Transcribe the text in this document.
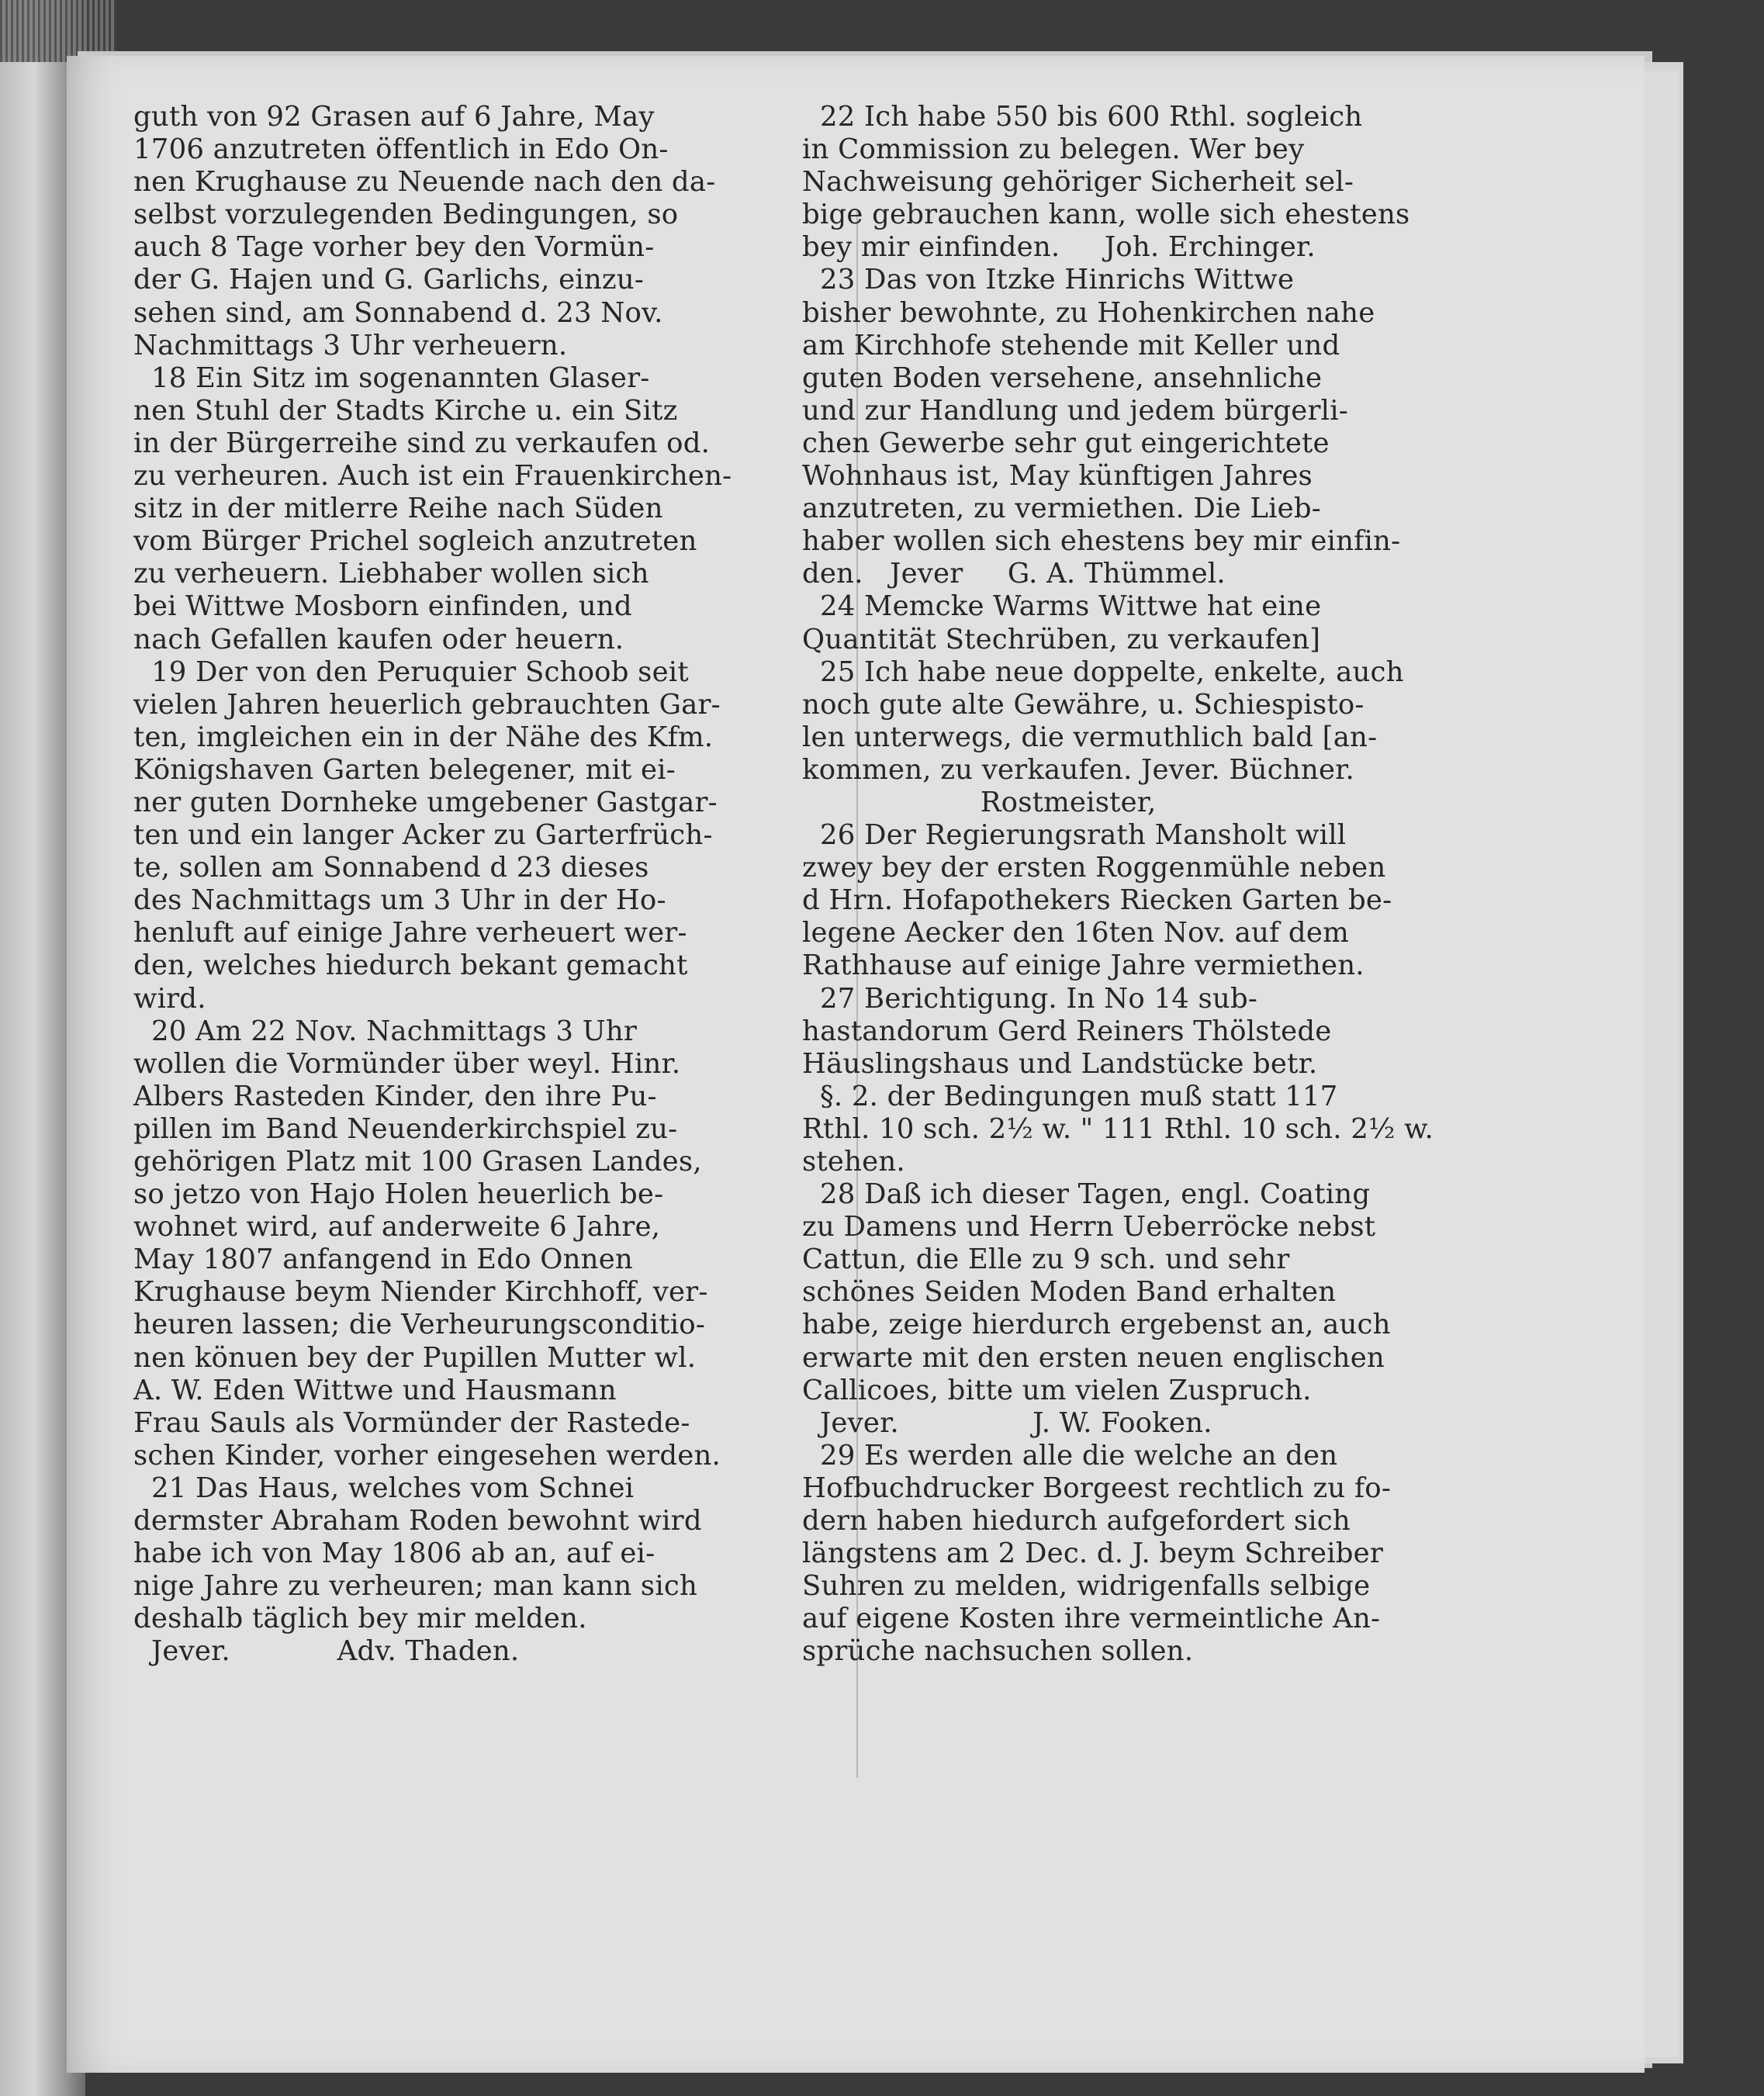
guth von 92 Grasen auf 6 Jahre, May
1706 anzutreten öffentlich in Edo On-
nen Krughause zu Neuende nach den da-
selbst vorzulegenden Bedingungen, so
auch 8 Tage vorher bey den Vormün-
der G. Hajen und G. Garlichs, einzu-
sehen sind, am Sonnabend d. 23 Nov.
Nachmittags 3 Uhr verheuern.
18 Ein Sitz im sogenannten Glaser-
nen Stuhl der Stadts Kirche u. ein Sitz
in der Bürgerreihe sind zu verkaufen od.
zu verheuren. Auch ist ein Frauenkirchen-
sitz in der mitlerre Reihe nach Süden
vom Bürger Prichel sogleich anzutreten
zu verheuern. Liebhaber wollen sich
bei Wittwe Mosborn einfinden, und
nach Gefallen kaufen oder heuern.
19 Der von den Peruquier Schoob seit
vielen Jahren heuerlich gebrauchten Gar-
ten, imgleichen ein in der Nähe des Kfm.
Königshaven Garten belegener, mit ei-
ner guten Dornheke umgebener Gastgar-
ten und ein langer Acker zu Garterfrüch-
te, sollen am Sonnabend d 23 dieses
des Nachmittags um 3 Uhr in der Ho-
henluft auf einige Jahre verheuert wer-
den, welches hiedurch bekant gemacht
wird.
20 Am 22 Nov. Nachmittags 3 Uhr
wollen die Vormünder über weyl. Hinr.
Albers Rasteden Kinder, den ihre Pu-
pillen im Band Neuenderkirchspiel zu-
gehörigen Platz mit 100 Grasen Landes,
so jetzo von Hajo Holen heuerlich be-
wohnet wird, auf anderweite 6 Jahre,
May 1807 anfangend in Edo Onnen
Krughause beym Niender Kirchhoff, ver-
heuren lassen; die Verheurungsconditio-
nen könuen bey der Pupillen Mutter wl.
A. W. Eden Wittwe und Hausmann
Frau Sauls als Vormünder der Rastede-
schen Kinder, vorher eingesehen werden.
21 Das Haus, welches vom Schnei
dermster Abraham Roden bewohnt wird
habe ich von May 1806 ab an, auf ei-
nige Jahre zu verheuren; man kann sich
deshalb täglich bey mir melden.
Jever.            Adv. Thaden.
22 Ich habe 550 bis 600 Rthl. sogleich
in Commission zu belegen. Wer bey
Nachweisung gehöriger Sicherheit sel-
bige gebrauchen kann, wolle sich ehestens
bey mir einfinden.     Joh. Erchinger.
23 Das von Itzke Hinrichs Wittwe
bisher bewohnte, zu Hohenkirchen nahe
am Kirchhofe stehende mit Keller und
guten Boden versehene, ansehnliche
und zur Handlung und jedem bürgerli-
chen Gewerbe sehr gut eingerichtete
Wohnhaus ist, May künftigen Jahres
anzutreten, zu vermiethen. Die Lieb-
haber wollen sich ehestens bey mir einfin-
den.   Jever     G. A. Thümmel.
24 Memcke Warms Wittwe hat eine
Quantität Stechrüben, zu verkaufen]
25 Ich habe neue doppelte, enkelte, auch
noch gute alte Gewähre, u. Schiespisto-
len unterwegs, die vermuthlich bald [an-
kommen, zu verkaufen. Jever. Büchner.
Rostmeister,
26 Der Regierungsrath Mansholt will
zwey bey der ersten Roggenmühle neben
d Hrn. Hofapothekers Riecken Garten be-
legene Aecker den 16ten Nov. auf dem
Rathhause auf einige Jahre vermiethen.
27 Berichtigung. In No 14 sub-
hastandorum Gerd Reiners Thölstede
Häuslingshaus und Landstücke betr.
§. 2. der Bedingungen muß statt 117
Rthl. 10 sch. 2½ w. " 111 Rthl. 10 sch. 2½ w.
stehen.
28 Daß ich dieser Tagen, engl. Coating
zu Damens und Herrn Ueberröcke nebst
Cattun, die Elle zu 9 sch. und sehr
schönes Seiden Moden Band erhalten
habe, zeige hierdurch ergebenst an, auch
erwarte mit den ersten neuen englischen
Callicoes, bitte um vielen Zuspruch.
Jever.               J. W. Fooken.
29 Es werden alle die welche an den
Hofbuchdrucker Borgeest rechtlich zu fo-
dern haben hiedurch aufgefordert sich
längstens am 2 Dec. d. J. beym Schreiber
Suhren zu melden, widrigenfalls selbige
auf eigene Kosten ihre vermeintliche An-
sprüche nachsuchen sollen.
